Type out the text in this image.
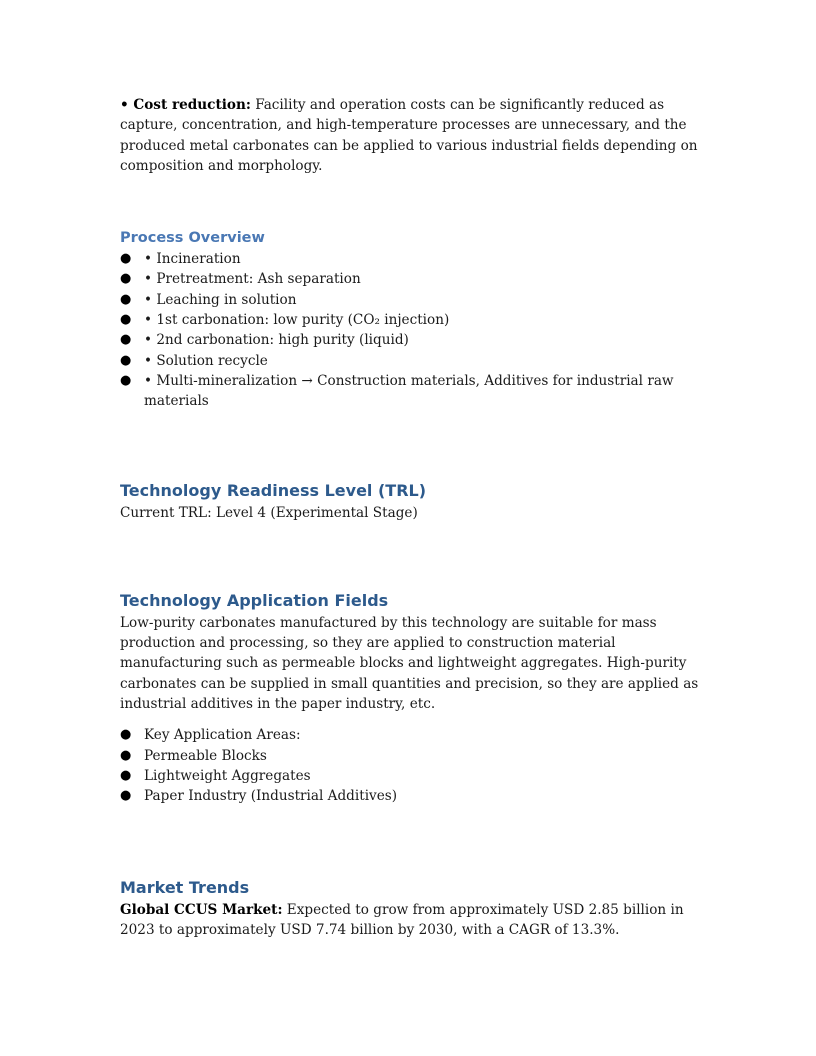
• Cost reduction: Facility and operation costs can be significantly reduced as capture, concentration, and high-temperature processes are unnecessary, and the produced metal carbonates can be applied to various industrial fields depending on composition and morphology.

Process Overview
● • Incineration
● • Pretreatment: Ash separation
● • Leaching in solution
● • 1st carbonation: low purity (CO₂ injection)
● • 2nd carbonation: high purity (liquid)
● • Solution recycle
● • Multi-mineralization → Construction materials, Additives for industrial raw materials
Technology Readiness Level (TRL)

Current TRL: Level 4 (Experimental Stage)

Technology Application Fields

Low-purity carbonates manufactured by this technology are suitable for mass production and processing, so they are applied to construction material manufacturing such as permeable blocks and lightweight aggregates. High-purity carbonates can be supplied in small quantities and precision, so they are applied as industrial additives in the paper industry, etc.

● Key Application Areas:
● Permeable Blocks
● Lightweight Aggregates
● Paper Industry (Industrial Additives)
Market Trends

Global CCUS Market: Expected to grow from approximately USD 2.85 billion in 2023 to approximately USD 7.74 billion by 2030, with a CAGR of 13.3%.
